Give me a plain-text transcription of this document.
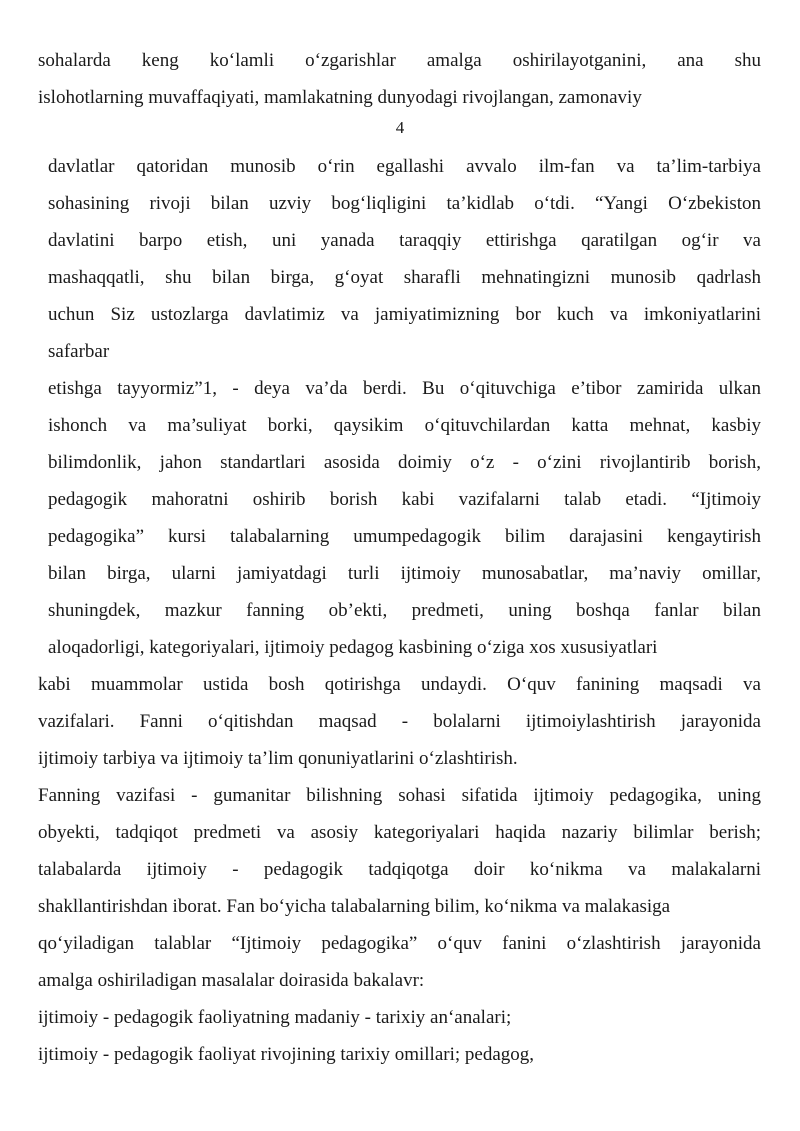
sohalarda keng ko‘lamli o‘zgarishlar amalga oshirilayotganini, ana shu
islohotlarning muvaffaqiyati, mamlakatning dunyodagi rivojlangan, zamonaviy
4
davlatlar qatoridan munosib o‘rin egallashi avvalo ilm-fan va ta’lim-tarbiya
sohasining rivoji bilan uzviy bog‘liqligini ta’kidlab o‘tdi. “Yangi O‘zbekiston
davlatini barpo etish, uni yanada taraqqiy ettirishga qaratilgan og‘ir va
mashaqqatli, shu bilan birga, g‘oyat sharafli mehnatingizni munosib qadrlash
uchun Siz ustozlarga davlatimiz va jamiyatimizning bor kuch va imkoniyatlarini
safarbar
etishga tayyormiz”1, - deya va’da berdi. Bu o‘qituvchiga e’tibor zamirida ulkan
ishonch va ma’suliyat borki, qaysikim o‘qituvchilardan katta mehnat, kasbiy
bilimdonlik, jahon standartlari asosida doimiy o‘z - o‘zini rivojlantirib borish,
pedagogik mahoratni oshirib borish kabi vazifalarni talab etadi. “Ijtimoiy
pedagogika” kursi talabalarning umumpedagogik bilim darajasini kengaytirish
bilan birga, ularni jamiyatdagi turli ijtimoiy munosabatlar, ma’naviy omillar,
shuningdek, mazkur fanning ob’ekti, predmeti, uning boshqa fanlar bilan
aloqadorligi, kategoriyalari, ijtimoiy pedagog kasbining o‘ziga xos xususiyatlari
kabi muammolar ustida bosh qotirishga undaydi. O‘quv fanining maqsadi va
vazifalari. Fanni o‘qitishdan maqsad - bolalarni ijtimoiylashtirish jarayonida
ijtimoiy tarbiya va ijtimoiy ta’lim qonuniyatlarini o‘zlashtirish.
Fanning vazifasi - gumanitar bilishning sohasi sifatida ijtimoiy pedagogika, uning
obyekti, tadqiqot predmeti va asosiy kategoriyalari haqida nazariy bilimlar berish;
talabalarda ijtimoiy - pedagogik tadqiqotga doir ko‘nikma va malakalarni
shakllantirishdan iborat. Fan bo‘yicha talabalarning bilim, ko‘nikma va malakasiga
qo‘yiladigan talablar “Ijtimoiy pedagogika” o‘quv fanini o‘zlashtirish jarayonida
amalga oshiriladigan masalalar doirasida bakalavr:
ijtimoiy - pedagogik faoliyatning madaniy - tarixiy an‘analari;
ijtimoiy - pedagogik faoliyat rivojining tarixiy omillari; pedagog,
